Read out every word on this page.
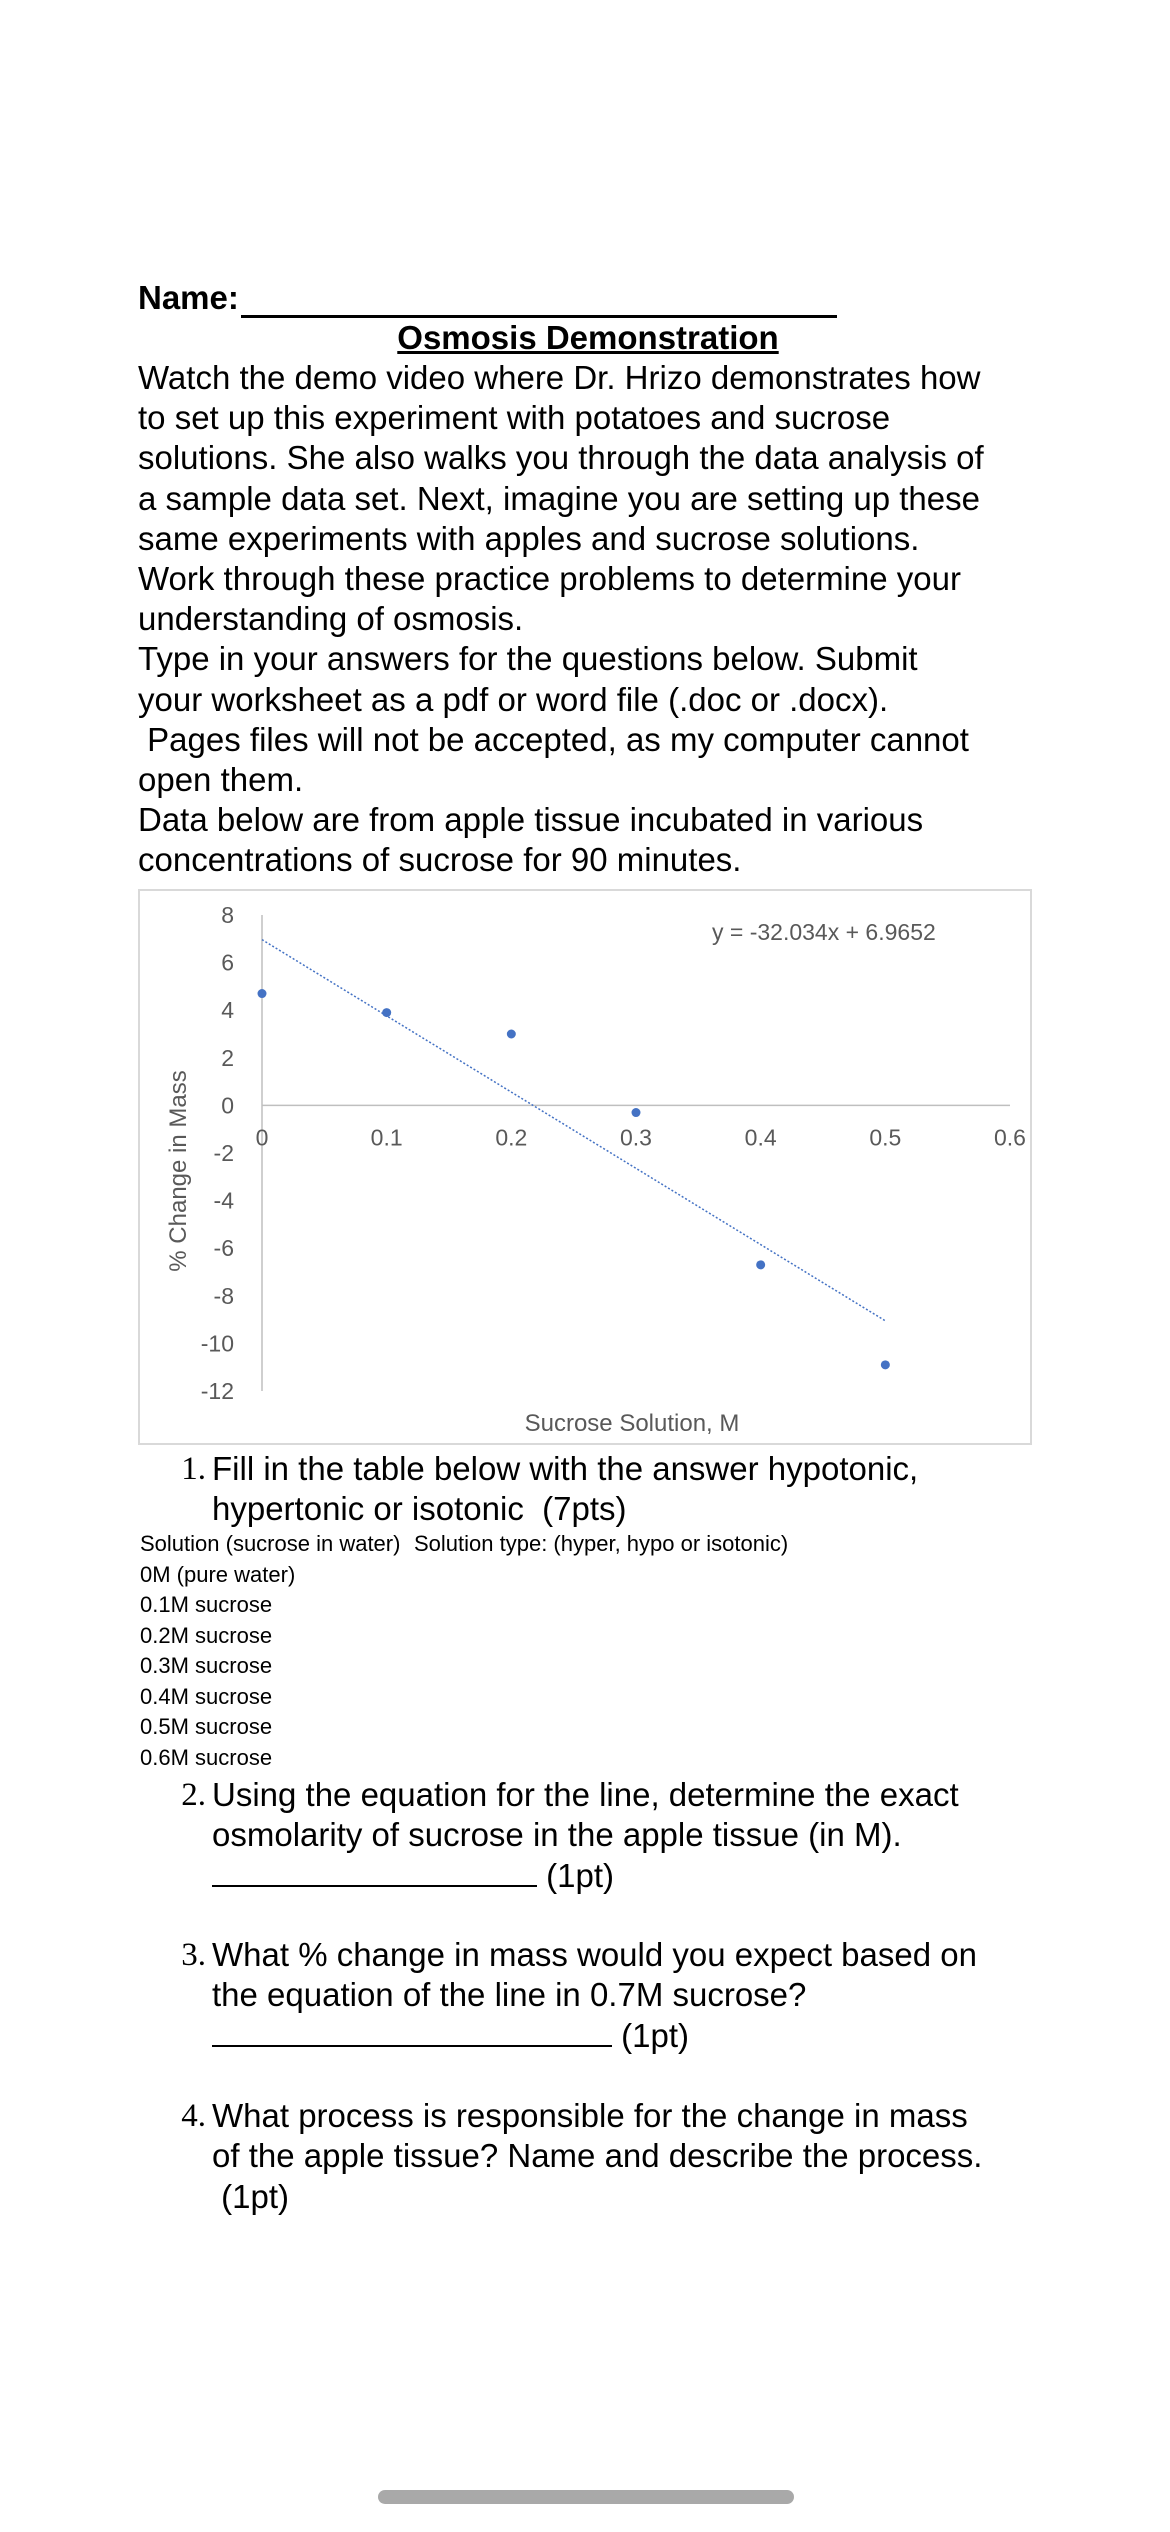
Name:
Osmosis Demonstration

Watch the demo video where Dr. Hrizo demonstrates how

to set up this experiment with potatoes and sucrose

solutions. She also walks you through the data analysis of

a sample data set. Next, imagine you are setting up these

same experiments with apples and sucrose solutions.

Work through these practice problems to determine your

understanding of osmosis.

Type in your answers for the questions below. Submit

your worksheet as a pdf or word file (.doc or .docx).

Pages files will not be accepted, as my computer cannot

open them.

Data below are from apple tissue incubated in various

concentrations of sucrose for 90 minutes.

8
6
4
2
0
-2
-4
-6
-8
-10
-12
0	0.1	0.2	0.3	0.4	0.5	0.6
Sucrose Solution, M
% Change in Mass
y = -32.034x + 6.9652
1. Fill in the table below with the answer hypotonic,
hypertonic or isotonic  (7pts)
Solution (sucrose in water)	Solution type: (hyper, hypo or isotonic)
0M (pure water)	
0.1M sucrose	
0.2M sucrose	
0.3M sucrose	
0.4M sucrose	
0.5M sucrose	
0.6M sucrose	
2. Using the equation for the line, determine the exact
osmolarity of sucrose in the apple tissue (in M).
(1pt)
3. What % change in mass would you expect based on
the equation of the line in 0.7M sucrose?
(1pt)
4. What process is responsible for the change in mass
of the apple tissue? Name and describe the process.
(1pt)
